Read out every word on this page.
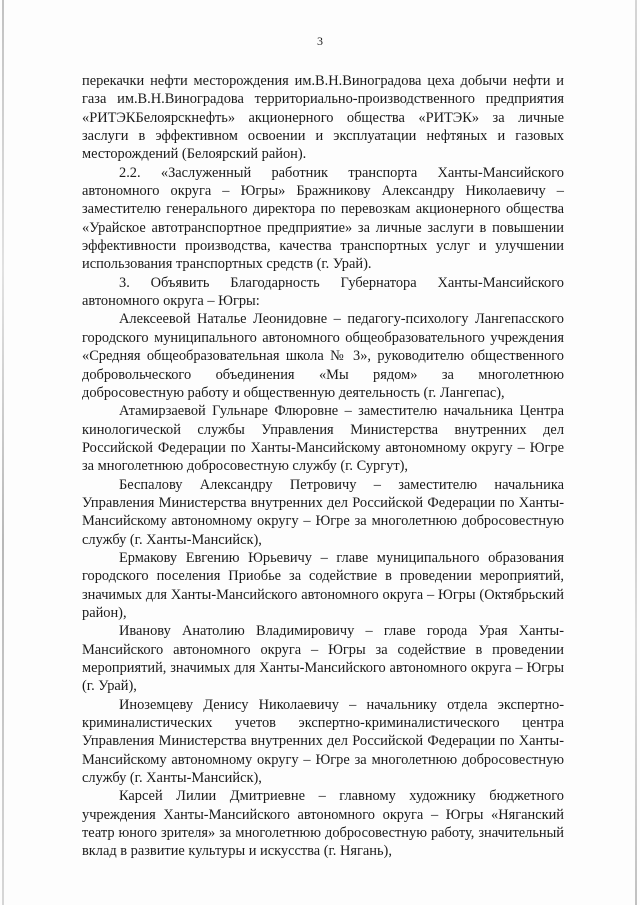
3

перекачки нефти месторождения им.В.Н.Виноградова цеха добычи нефти и газа им.В.Н.Виноградова территориально-производственного предприятия «РИТЭКБелоярскнефть» акционерного общества «РИТЭК» за личные заслуги в эффективном освоении и эксплуатации нефтяных и газовых месторождений (Белоярский район).

2.2. «Заслуженный работник транспорта Ханты-Мансийского автономного округа – Югры» Бражникову Александру Николаевичу – заместителю генерального директора по перевозкам акционерного общества «Урайское автотранспортное предприятие» за личные заслуги в повышении эффективности производства, качества транспортных услуг и улучшении использования транспортных средств (г. Урай).

3. Объявить Благодарность Губернатора Ханты-Мансийского автономного округа – Югры:

Алексеевой Наталье Леонидовне – педагогу-психологу Лангепасского городского муниципального автономного общеобразовательного учреждения «Средняя общеобразовательная школа № 3», руководителю общественного добровольческого объединения «Мы рядом» за многолетнюю добросовестную работу и общественную деятельность (г. Лангепас),

Атамирзаевой Гульнаре Флюровне – заместителю начальника Центра кинологической службы Управления Министерства внутренних дел Российской Федерации по Ханты-Мансийскому автономному округу – Югре за многолетнюю добросовестную службу (г. Сургут),

Беспалову Александру Петровичу – заместителю начальника Управления Министерства внутренних дел Российской Федерации по Ханты-Мансийскому автономному округу – Югре за многолетнюю добросовестную службу (г. Ханты-Мансийск),

Ермакову Евгению Юрьевичу – главе муниципального образования городского поселения Приобье за содействие в проведении мероприятий, значимых для Ханты-Мансийского автономного округа – Югры (Октябрьский район),

Иванову Анатолию Владимировичу – главе города Урая Ханты-Мансийского автономного округа – Югры за содействие в проведении мероприятий, значимых для Ханты-Мансийского автономного округа – Югры (г. Урай),

Иноземцеву Денису Николаевичу – начальнику отдела экспертно-криминалистических учетов экспертно-криминалистического центра Управления Министерства внутренних дел Российской Федерации по Ханты-Мансийскому автономному округу – Югре за многолетнюю добросовестную службу (г. Ханты-Мансийск),

Карсей Лилии Дмитриевне – главному художнику бюджетного учреждения Ханты-Мансийского автономного округа – Югры «Няганский театр юного зрителя» за многолетнюю добросовестную работу, значительный вклад в развитие культуры и искусства (г. Нягань),
